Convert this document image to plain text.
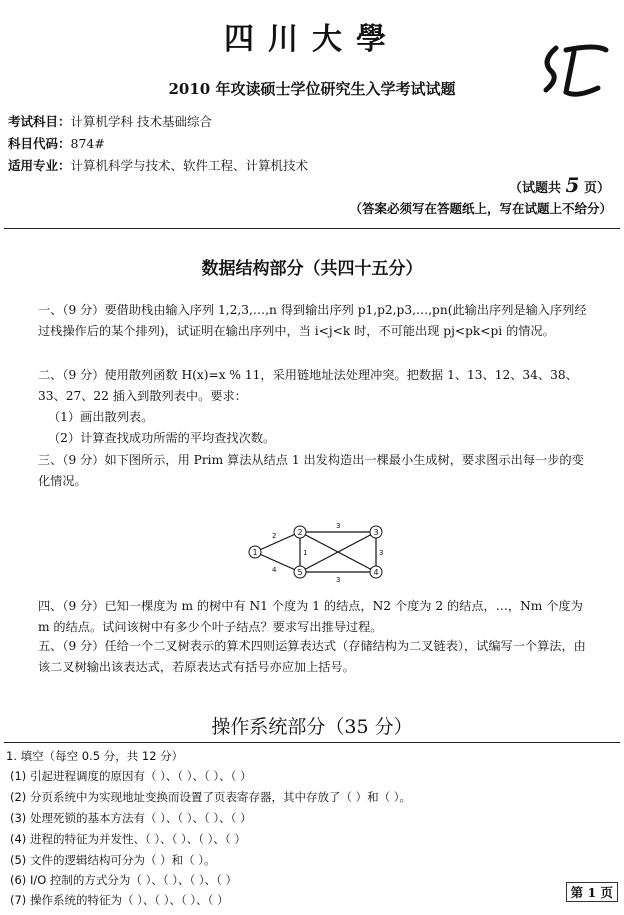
四川大學
2010 年攻读硕士学位研究生入学考试试题
考试科目：计算机学科 技术基础综合
科目代码：874#
适用专业：计算机科学与技术、软件工程、计算机技术
（试题共 5 页）
（答案必须写在答题纸上，写在试题上不给分）
数据结构部分（共四十五分）
一、（9 分）要借助栈由输入序列 1,2,3,…,n 得到输出序列 p1,p2,p3,…,pn(此输出序列是输入序列经过栈操作后的某个排列)，试证明在输出序列中，当 i<j<k 时，不可能出现 pj<pk<pi 的情况。
二、（9 分）使用散列函数 H(x)=x % 11，采用链地址法处理冲突。把数据 1、13、12、34、38、33、27、22 插入到散列表中。要求：
（1）画出散列表。
（2）计算查找成功所需的平均查找次数。
三、（9 分）如下图所示，用 Prim 算法从结点 1 出发构造出一棵最小生成树，要求图示出每一步的变化情况。
2
3
1
4
3
3
1
2	3
4
5
四、（9 分）已知一棵度为 m 的树中有 N1 个度为 1 的结点，N2 个度为 2 的结点，…，Nm 个度为 m 的结点。试问该树中有多少个叶子结点？要求写出推导过程。
五、（9 分）任给一个二叉树表示的算术四则运算表达式（存储结构为二叉链表），试编写一个算法，由该二叉树输出该表达式，若原表达式有括号亦应加上括号。
操作系统部分（35 分）
1. 填空（每空 0.5 分，共 12 分）
(1) 引起进程调度的原因有（ ）、（ ）、（ ）、（ ）
(2) 分页系统中为实现地址变换而设置了页表寄存器，其中存放了（ ）和（ ）。
(3) 处理死锁的基本方法有（ ）、（ ）、（ ）、（ ）
(4) 进程的特征为并发性、（ ）、（ ）、（ ）、（ ）
(5) 文件的逻辑结构可分为（ ）和（ ）。
(6) I/O 控制的方式分为（ ）、（ ）、（ ）、（ ）
(7) 操作系统的特征为（ ）、（ ）、（ ）、（ ）	第 1 页
